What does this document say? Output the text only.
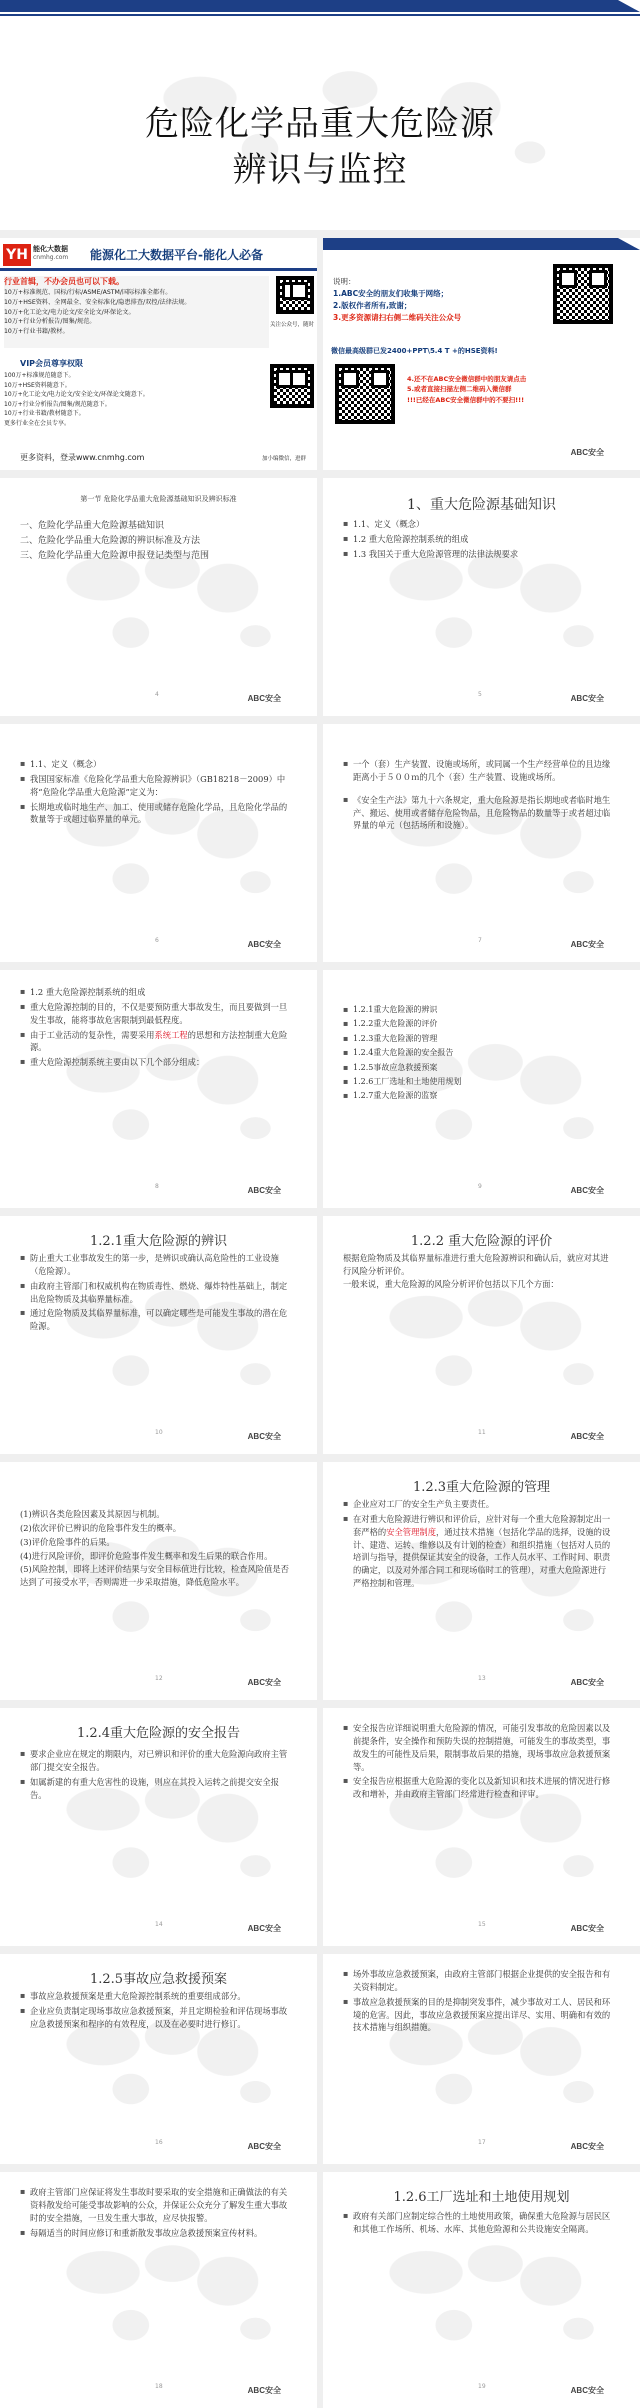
危险化学品重大危险源
辨识与监控
YH 能化大数据
cnmhg.com 能源化工大数据平台-能化人必备
行业首辑，不办会员也可以下载。
10万+标准规范、国标/行标/ASME/ASTM/国际标准全都有。
10万+HSE资料、全网最全、安全标准化/隐患排查/双控/法律法规。
10万+化工论文/电力论文/安全论文/环保论文。
10万+行业分析报告/图集/规范。
10万+行业书籍/教材。
关注公众号，随时
VIP会员尊享权限
100万+标准规范随意下。
10万+HSE资料随意下。
10万+化工论文/电力论文/安全论文/环保论文随意下。
10万+行业分析报告/图集/规范随意下。
10万+行业书籍/教材随意下。
更多行业全在会员专享。
加小编微信，进群
更多资料，登录www.cnmhg.com
说明：
1.ABC安全的朋友们收集于网络；
2.版权作者所有,致谢；
3.更多资源请扫右侧二维码关注公众号
微信最高级群已发2400+PPT\5.4 T +的HSE资料!
4.还不在ABC安全微信群中的朋友请点击
5.或者直接扫描左侧二维码入微信群
!!!已经在ABC安全微信群中的不要扫!!!
ABC安全
第一节 危险化学品重大危险源基础知识及辨识标准
一、危险化学品重大危险源基础知识
二、危险化学品重大危险源的辨识标准及方法
三、危险化学品重大危险源申报登记类型与范围
4	ABC安全
1、重大危险源基础知识
▪ 1.1、定义（概念）
▪ 1.2 重大危险源控制系统的组成
▪ 1.3 我国关于重大危险源管理的法律法规要求
5	ABC安全
▪ 1.1、定义（概念）
▪ 我国国家标准《危险化学品重大危险源辨识》（GB18218－2009）中将“危险化学品重大危险源”定义为：
▪ 长期地或临时地生产、加工、使用或储存危险化学品，且危险化学品的数量等于或超过临界量的单元。
6	ABC安全
▪ 一个（套）生产装置、设施或场所，或同属一个生产经营单位的且边缘距离小于５００ｍ的几个（套）生产装置、设施或场所。
▪ 《安全生产法》第九十六条规定，重大危险源是指长期地或者临时地生产、搬运、使用或者储存危险物品，且危险物品的数量等于或者超过临界量的单元（包括场所和设施）。
7	ABC安全
▪ 1.2 重大危险源控制系统的组成
▪ 重大危险源控制的目的，不仅是要预防重大事故发生，而且要做到一旦发生事故，能将事故危害限制到最低程度。
▪ 由于工业活动的复杂性，需要采用系统工程的思想和方法控制重大危险源。
▪ 重大危险源控制系统主要由以下几个部分组成：
8	ABC安全
▪ 1.2.1重大危险源的辨识
▪ 1.2.2重大危险源的评价
▪ 1.2.3重大危险源的管理
▪ 1.2.4重大危险源的安全报告
▪ 1.2.5事故应急救援预案
▪ 1.2.6工厂选址和土地使用规划
▪ 1.2.7重大危险源的监察
9	ABC安全
1.2.1重大危险源的辨识
▪ 防止重大工业事故发生的第一步，是辨识或确认高危险性的工业设施（危险源）。
▪ 由政府主管部门和权威机构在物质毒性、燃烧、爆炸特性基础上，制定出危险物质及其临界量标准。
▪ 通过危险物质及其临界量标准，可以确定哪些是可能发生事故的潜在危险源。
10	ABC安全
1.2.2 重大危险源的评价
根据危险物质及其临界量标准进行重大危险源辨识和确认后，就应对其进行风险分析评价。
一般来说，重大危险源的风险分析评价包括以下几个方面：
11	ABC安全
(1)辨识各类危险因素及其原因与机制。
(2)依次评价已辨识的危险事件发生的概率。
(3)评价危险事件的后果。
(4)进行风险评价，即评价危险事件发生概率和发生后果的联合作用。
(5)风险控制，即将上述评价结果与安全目标值进行比较，检查风险值是否达到了可接受水平，否则需进一步采取措施，降低危险水平。
12	ABC安全
1.2.3重大危险源的管理
▪ 企业应对工厂的安全生产负主要责任。
▪ 在对重大危险源进行辨识和评价后，应针对每一个重大危险源制定出一套严格的安全管理制度，通过技术措施（包括化学品的选择，设施的设计、建造、运转、维修以及有计划的检查）和组织措施（包括对人员的培训与指导，提供保证其安全的设备，工作人员水平、工作时间、职责的确定，以及对外部合同工和现场临时工的管理），对重大危险源进行严格控制和管理。
13	ABC安全
1.2.4重大危险源的安全报告
▪ 要求企业应在规定的期限内，对已辨识和评价的重大危险源向政府主管部门提交安全报告。
▪ 如属新建的有重大危害性的设施，则应在其投入运转之前提交安全报告。
14	ABC安全
▪ 安全报告应详细说明重大危险源的情况，可能引发事故的危险因素以及前提条件，安全操作和预防失误的控制措施，可能发生的事故类型，事故发生的可能性及后果，限制事故后果的措施，现场事故应急救援预案等。
▪ 安全报告应根据重大危险源的变化以及新知识和技术进展的情况进行修改和增补，并由政府主管部门经常进行检查和评审。
15	ABC安全
1.2.5事故应急救援预案
▪ 事故应急救援预案是重大危险源控制系统的重要组成部分。
▪ 企业应负责制定现场事故应急救援预案，并且定期检验和评估现场事故应急救援预案和程序的有效程度，以及在必要时进行修订。
16	ABC安全
▪ 场外事故应急救援预案，由政府主管部门根据企业提供的安全报告和有关资料制定。
▪ 事故应急救援预案的目的是抑制突发事件，减少事故对工人、居民和环境的危害。因此，事故应急救援预案应提出详尽、实用、明确和有效的技术措施与组织措施。
17	ABC安全
▪ 政府主管部门应保证将发生事故时要采取的安全措施和正确做法的有关资料散发给可能受事故影响的公众，并保证公众充分了解发生重大事故时的安全措施，一旦发生重大事故，应尽快报警。
▪ 每隔适当的时间应修订和重新散发事故应急救援预案宣传材料。
18	ABC安全
1.2.6工厂选址和土地使用规划
▪ 政府有关部门应制定综合性的土地使用政策，确保重大危险源与居民区和其他工作场所、机场、水库、其他危险源和公共设施安全隔离。
19	ABC安全
